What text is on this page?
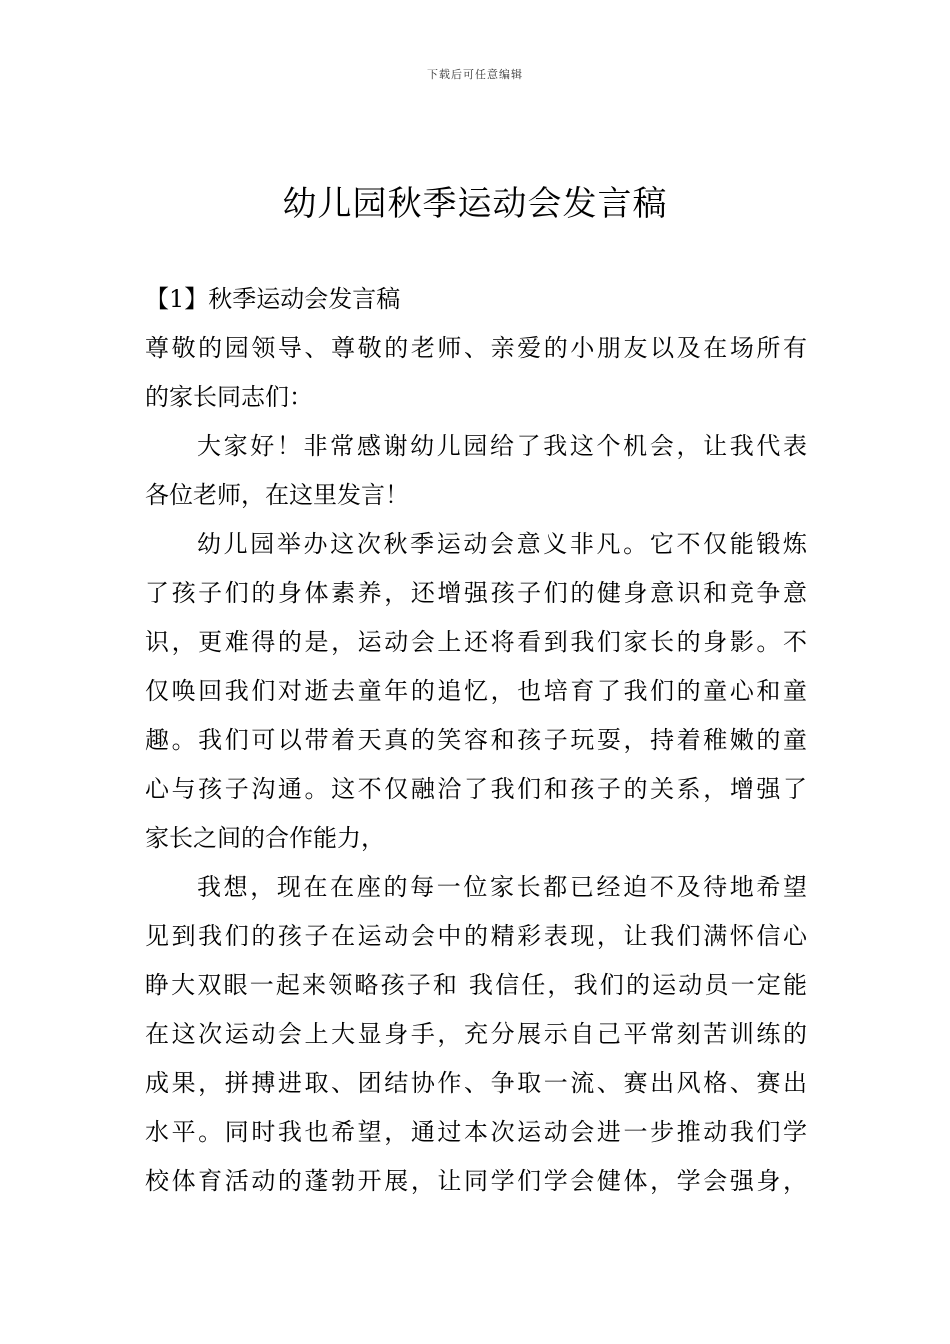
下载后可任意编辑
幼儿园秋季运动会发言稿
【1】秋季运动会发言稿
尊敬的园领导、尊敬的老师、亲爱的小朋友以及在场所有
的家长同志们：
大家好！非常感谢幼儿园给了我这个机会，让我代表
各位老师，在这里发言！
幼儿园举办这次秋季运动会意义非凡。它不仅能锻炼
了孩子们的身体素养，还增强孩子们的健身意识和竞争意
识，更难得的是，运动会上还将看到我们家长的身影。不
仅唤回我们对逝去童年的追忆，也培育了我们的童心和童
趣。我们可以带着天真的笑容和孩子玩耍，持着稚嫩的童
心与孩子沟通。这不仅融洽了我们和孩子的关系，增强了
家长之间的合作能力，
我想，现在在座的每一位家长都已经迫不及待地希望
见到我们的孩子在运动会中的精彩表现，让我们满怀信心
睁大双眼一起来领略孩子和 我信任，我们的运动员一定能
在这次运动会上大显身手，充分展示自己平常刻苦训练的
成果，拼搏进取、团结协作、争取一流、赛出风格、赛出
水平。同时我也希望，通过本次运动会进一步推动我们学
校体育活动的蓬勃开展，让同学们学会健体，学会强身，
